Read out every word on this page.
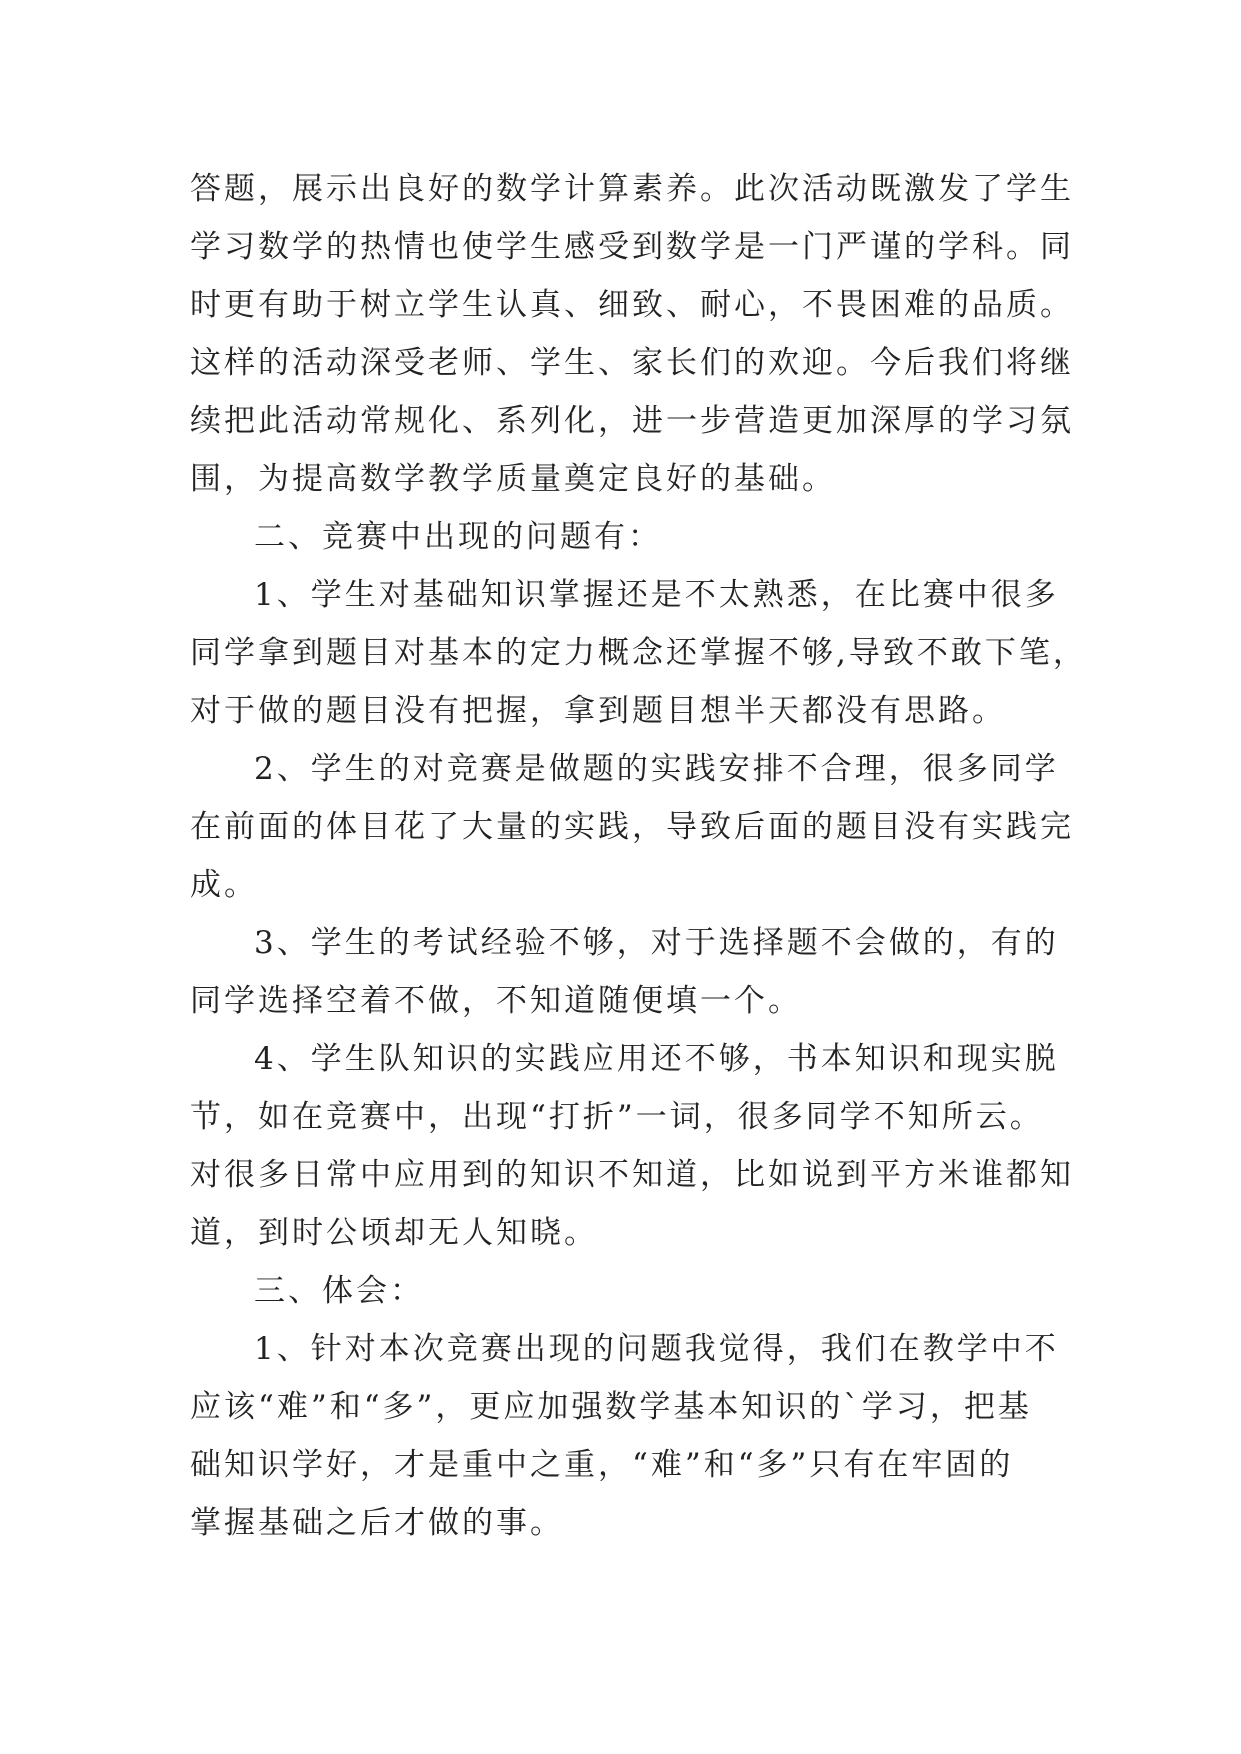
答题，展示出良好的数学计算素养。此次活动既激发了学生
学习数学的热情也使学生感受到数学是一门严谨的学科。同
时更有助于树立学生认真、细致、耐心，不畏困难的品质。
这样的活动深受老师、学生、家长们的欢迎。今后我们将继
续把此活动常规化、系列化，进一步营造更加深厚的学习氛
围，为提高数学教学质量奠定良好的基础。
二、竞赛中出现的问题有：
1、学生对基础知识掌握还是不太熟悉，在比赛中很多
同学拿到题目对基本的定力概念还掌握不够,导致不敢下笔，
对于做的题目没有把握，拿到题目想半天都没有思路。
2、学生的对竞赛是做题的实践安排不合理，很多同学
在前面的体目花了大量的实践，导致后面的题目没有实践完
成。
3、学生的考试经验不够，对于选择题不会做的，有的
同学选择空着不做，不知道随便填一个。
4、学生队知识的实践应用还不够，书本知识和现实脱
节，如在竞赛中，出现“打折”一词，很多同学不知所云。
对很多日常中应用到的知识不知道，比如说到平方米谁都知
道，到时公顷却无人知晓。
三、体会：
1、针对本次竞赛出现的问题我觉得，我们在教学中不
应该“难”和“多”，更应加强数学基本知识的`学习，把基
础知识学好，才是重中之重，“难”和“多”只有在牢固的
掌握基础之后才做的事。
